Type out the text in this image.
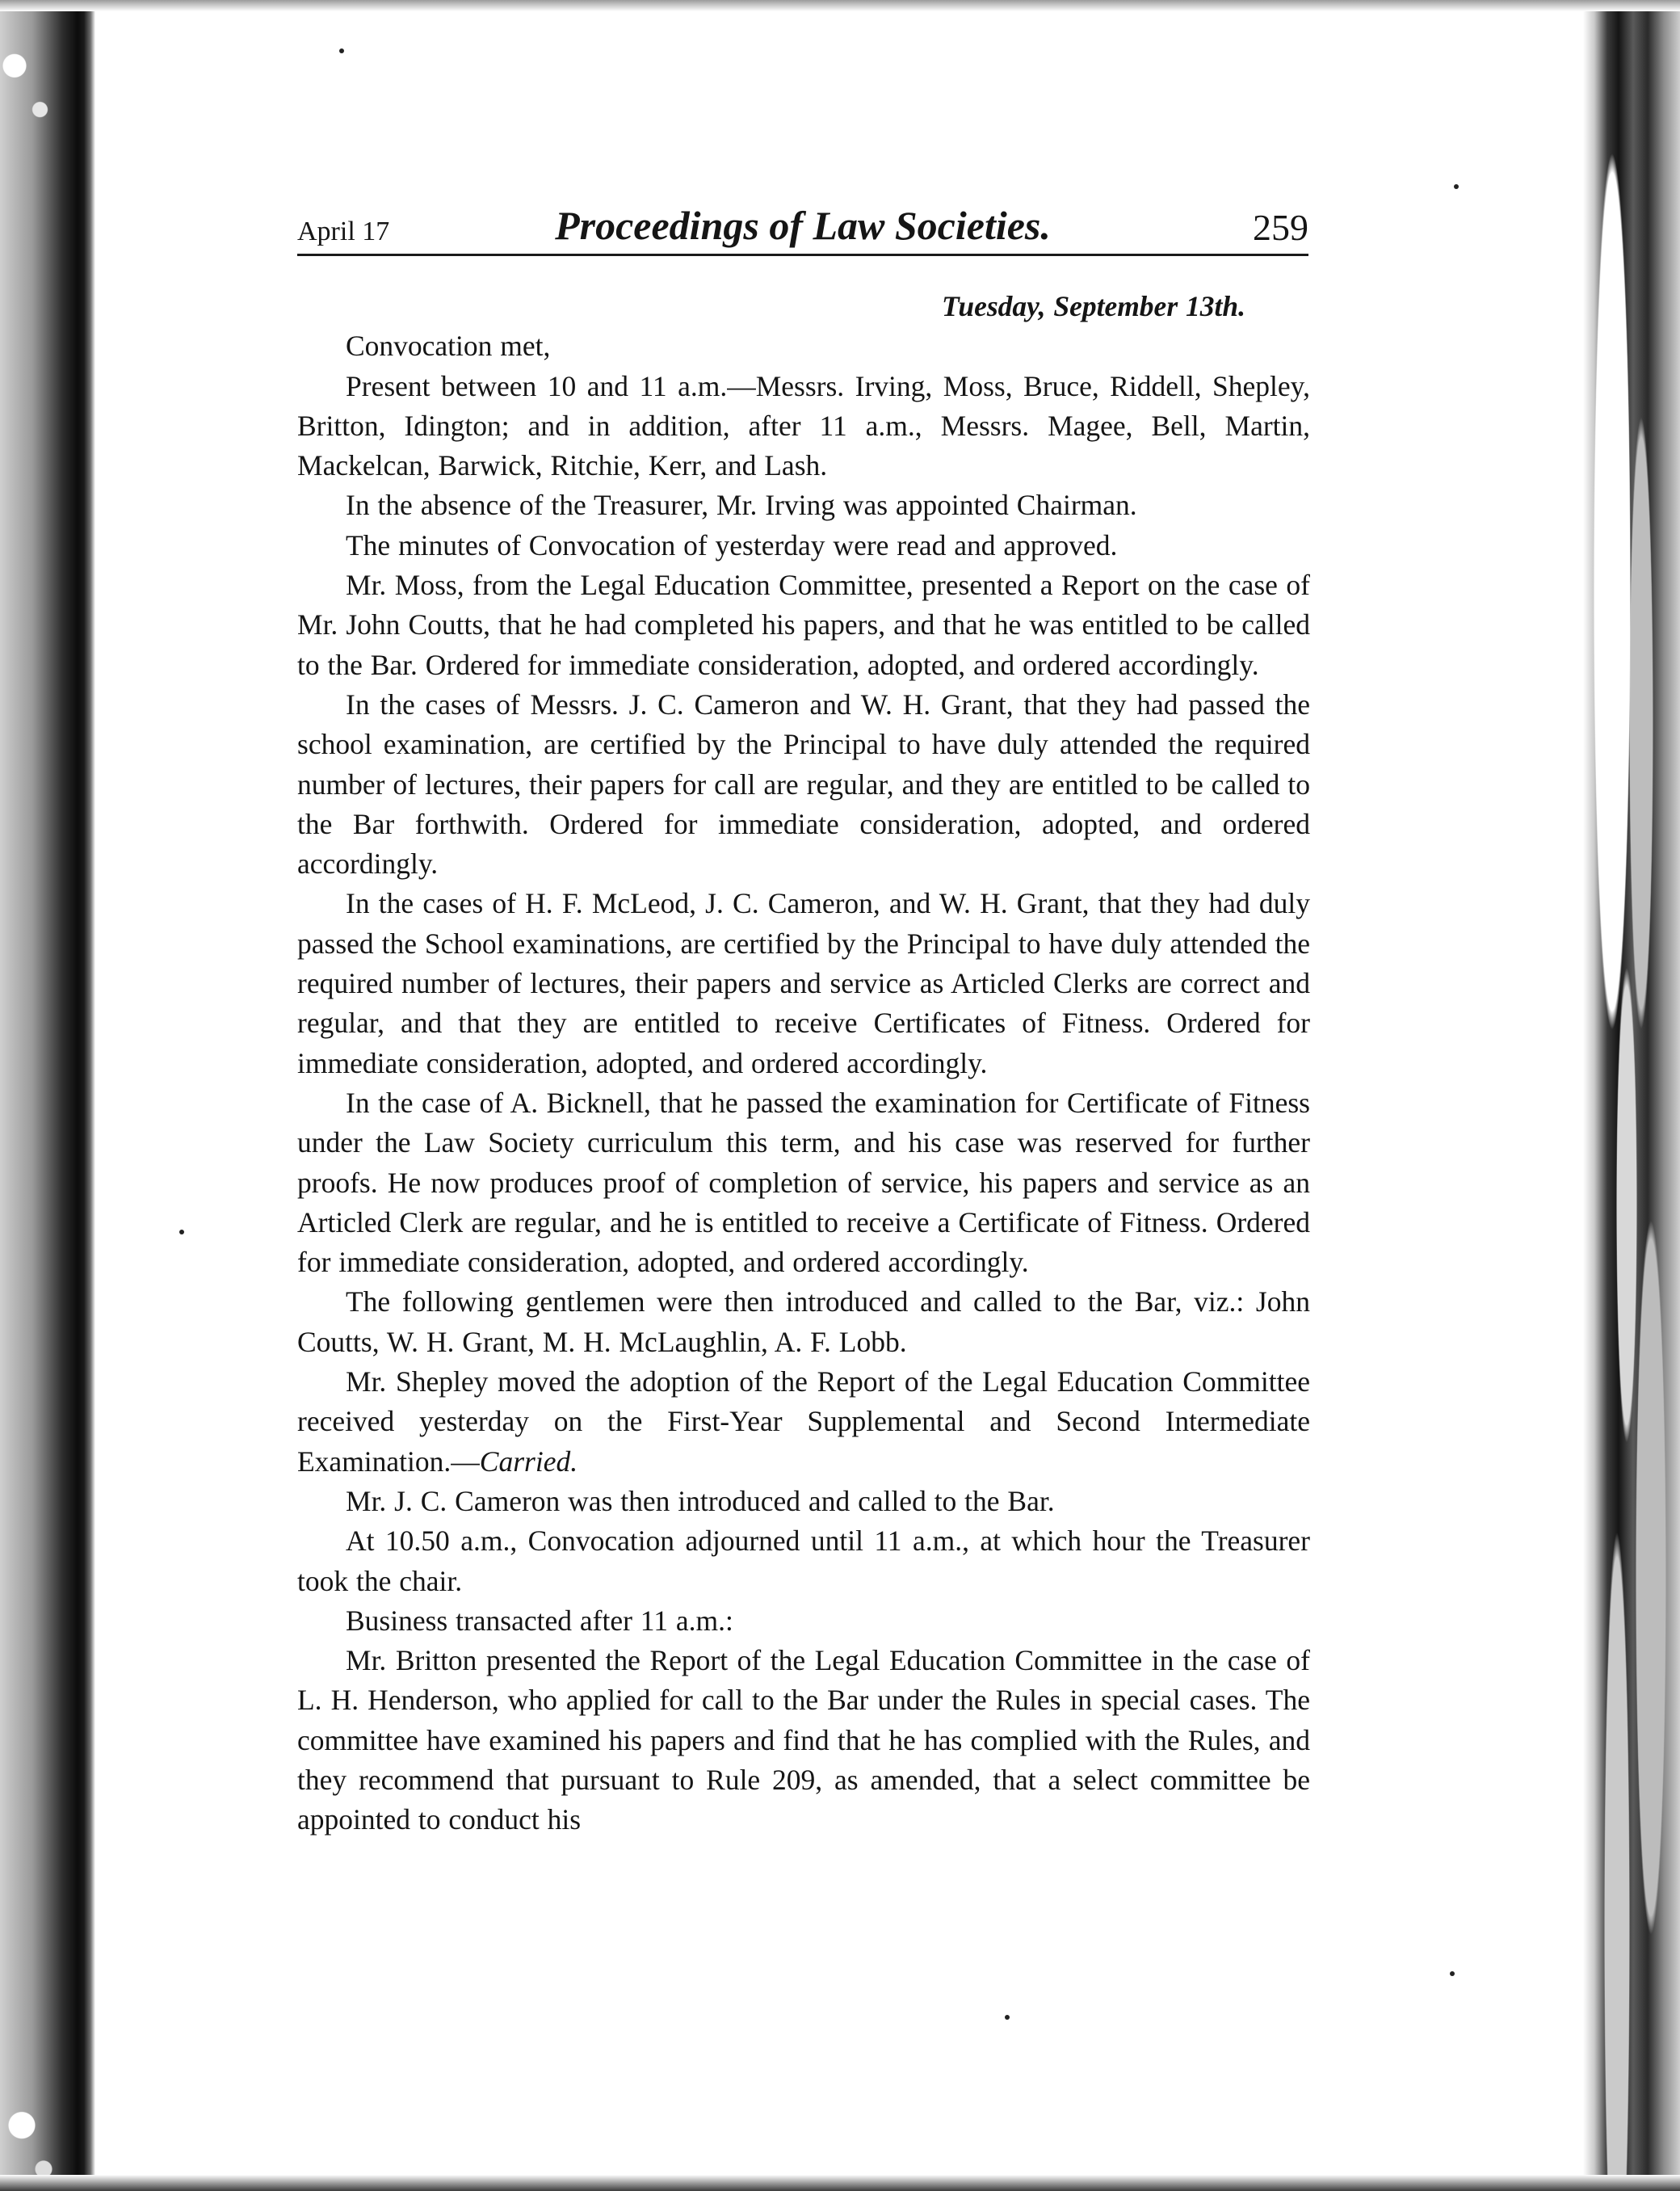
April 17	Proceedings of Law Societies.	259

Tuesday, September 13th.

Convocation met,

Present between 10 and 11 a.m.—Messrs. Irving, Moss, Bruce, Riddell, Shepley, Britton, Idington; and in addition, after 11 a.m., Messrs. Magee, Bell, Martin, Mackelcan, Barwick, Ritchie, Kerr, and Lash.

In the absence of the Treasurer, Mr. Irving was appointed Chairman.

The minutes of Convocation of yesterday were read and approved.

Mr. Moss, from the Legal Education Committee, presented a Report on the case of Mr. John Coutts, that he had completed his papers, and that he was entitled to be called to the Bar. Ordered for immediate consideration, adopted, and ordered accordingly.

In the cases of Messrs. J. C. Cameron and W. H. Grant, that they had passed the school examination, are certified by the Principal to have duly attended the required number of lectures, their papers for call are regular, and they are entitled to be called to the Bar forthwith. Ordered for immediate consideration, adopted, and ordered accordingly.

In the cases of H. F. McLeod, J. C. Cameron, and W. H. Grant, that they had duly passed the School examinations, are certified by the Principal to have duly attended the required number of lectures, their papers and service as Articled Clerks are correct and regular, and that they are entitled to receive Certificates of Fitness. Ordered for immediate consideration, adopted, and ordered accordingly.

In the case of A. Bicknell, that he passed the examination for Certificate of Fitness under the Law Society curriculum this term, and his case was reserved for further proofs. He now produces proof of completion of service, his papers and service as an Articled Clerk are regular, and he is entitled to receive a Certificate of Fitness. Ordered for immediate consideration, adopted, and ordered accordingly.

The following gentlemen were then introduced and called to the Bar, viz.: John Coutts, W. H. Grant, M. H. McLaughlin, A. F. Lobb.

Mr. Shepley moved the adoption of the Report of the Legal Education Committee received yesterday on the First-Year Supplemental and Second Intermediate Examination.—Carried.

Mr. J. C. Cameron was then introduced and called to the Bar.

At 10.50 a.m., Convocation adjourned until 11 a.m., at which hour the Treasurer took the chair.

Business transacted after 11 a.m.:

Mr. Britton presented the Report of the Legal Education Committee in the case of L. H. Henderson, who applied for call to the Bar under the Rules in special cases. The committee have examined his papers and find that he has complied with the Rules, and they recommend that pursuant to Rule 209, as amended, that a select committee be appointed to conduct his
